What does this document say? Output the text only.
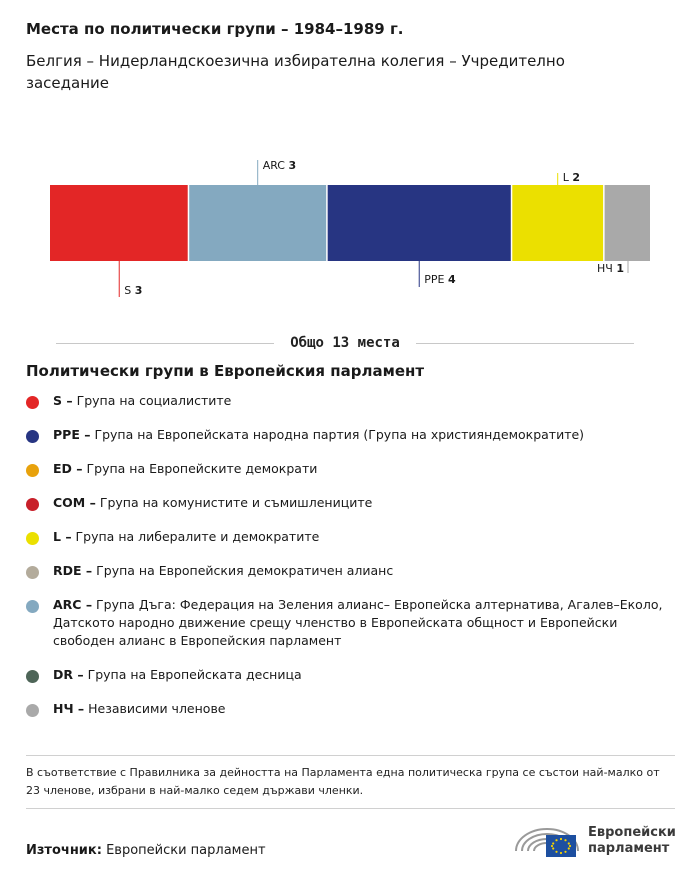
Места по политически групи – 1984–1989 г.
Белгия – Нидерландскоезична избирателна колегия – Учредително заседание
S 3
ARC 3
PPE 4
L 2
НЧ 1
Общо 13 места
Политически групи в Европейския парламент
S – Група на социалистите
PPE – Група на Европейската народна партия (Група на християндемократите)
ED – Група на Европейските демократи
COM – Група на комунистите и съмишлениците
L – Група на либералите и демократите
RDE – Група на Европейския демократичен алианс
ARC – Група Дъга: Федерация на Зеления алианс– Европейска алтернатива, Агалев–Еколо, Датското народно движение срещу членство в Европейската общност и Европейски свободен алианс в Европейския парламент
DR – Група на Европейската десница
НЧ – Независими членове
В съответствие с Правилника за дейността на Парламента една политическа група се състои най-малко от 23 членове, избрани в най-малко седем държави членки.
Източник: Европейски парламент
Европейски
парламент
